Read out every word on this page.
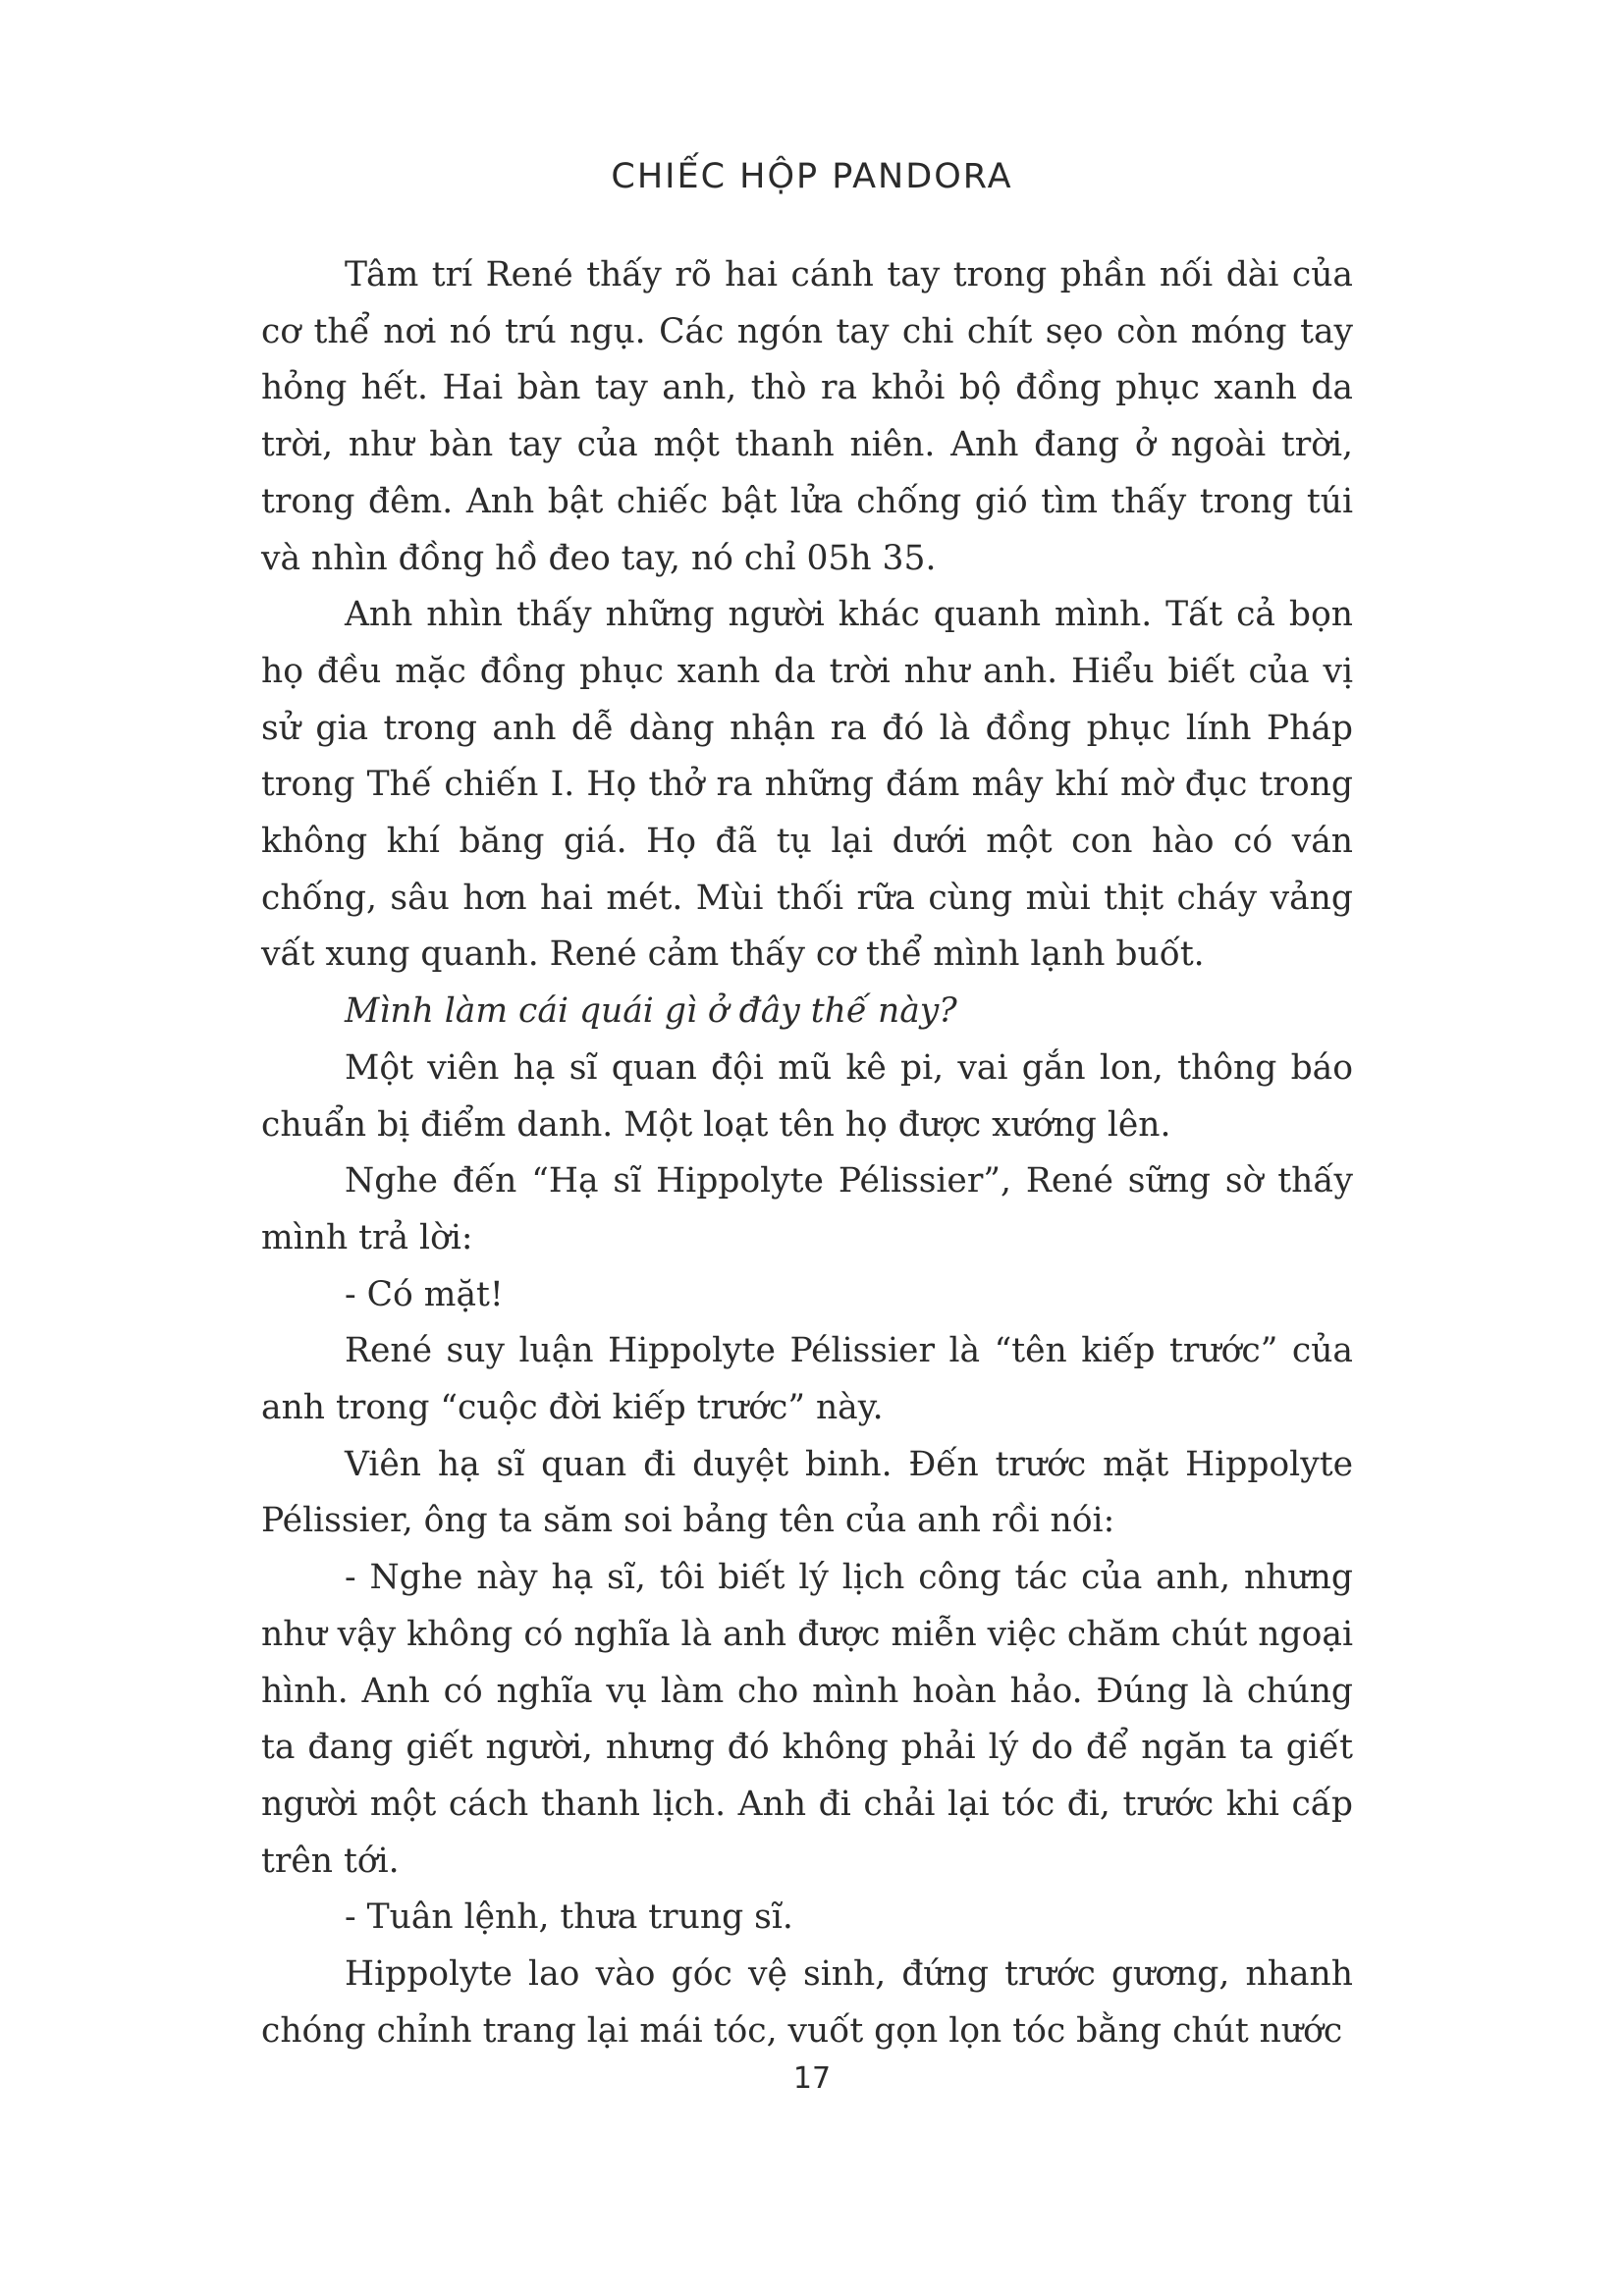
CHIẾC HỘP PANDORA

Tâm trí René thấy rõ hai cánh tay trong phần nối dài của cơ thể nơi nó trú ngụ. Các ngón tay chi chít sẹo còn móng tay hỏng hết. Hai bàn tay anh, thò ra khỏi bộ đồng phục xanh da trời, như bàn tay của một thanh niên. Anh đang ở ngoài trời, trong đêm. Anh bật chiếc bật lửa chống gió tìm thấy trong túi và nhìn đồng hồ đeo tay, nó chỉ 05h 35.

Anh nhìn thấy những người khác quanh mình. Tất cả bọn họ đều mặc đồng phục xanh da trời như anh. Hiểu biết của vị sử gia trong anh dễ dàng nhận ra đó là đồng phục lính Pháp trong Thế chiến I. Họ thở ra những đám mây khí mờ đục trong không khí băng giá. Họ đã tụ lại dưới một con hào có ván chống, sâu hơn hai mét. Mùi thối rữa cùng mùi thịt cháy vảng vất xung quanh. René cảm thấy cơ thể mình lạnh buốt.

Mình làm cái quái gì ở đây thế này?

Một viên hạ sĩ quan đội mũ kê pi, vai gắn lon, thông báo chuẩn bị điểm danh. Một loạt tên họ được xướng lên.

Nghe đến “Hạ sĩ Hippolyte Pélissier”, René sững sờ thấy mình trả lời:

- Có mặt!

René suy luận Hippolyte Pélissier là “tên kiếp trước” của anh trong “cuộc đời kiếp trước” này.

Viên hạ sĩ quan đi duyệt binh. Đến trước mặt Hippolyte Pélissier, ông ta săm soi bảng tên của anh rồi nói:

- Nghe này hạ sĩ, tôi biết lý lịch công tác của anh, nhưng như vậy không có nghĩa là anh được miễn việc chăm chút ngoại hình. Anh có nghĩa vụ làm cho mình hoàn hảo. Đúng là chúng ta đang giết người, nhưng đó không phải lý do để ngăn ta giết người một cách thanh lịch. Anh đi chải lại tóc đi, trước khi cấp trên tới.

- Tuân lệnh, thưa trung sĩ.

Hippolyte lao vào góc vệ sinh, đứng trước gương, nhanh chóng chỉnh trang lại mái tóc, vuốt gọn lọn tóc bằng chút nước

17
